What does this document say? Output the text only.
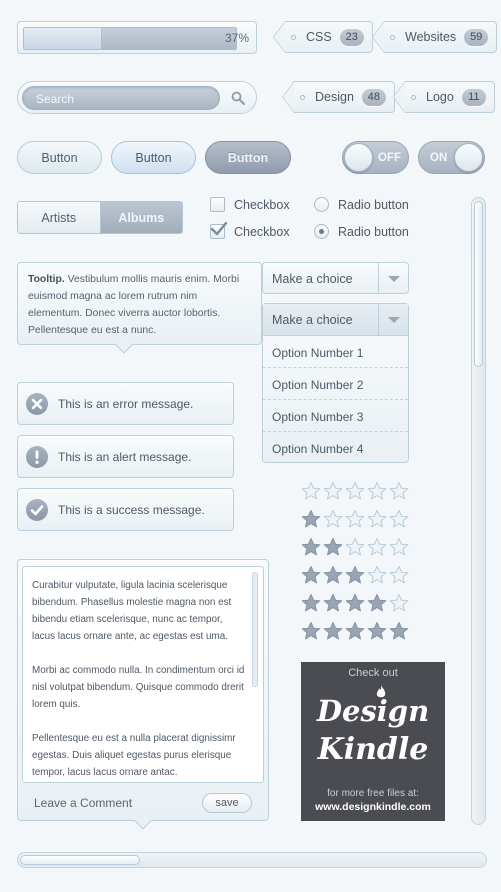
37%	CSS	23	Websites	59
Design	48	Logo	11
Search
Button	Button	Button	OFF	ON
Artists	Albums
Checkbox
Checkbox
Radio button
Radio button
Tooltip. Vestibulum mollis mauris enim. Morbi euismod magna ac lorem rutrum nim elementum. Donec viverra auctor lobortis. Pellentesque eu est a nunc.
This is an error message.
This is an alert message.
This is a success message.
Make a choice
Make a choice
Option Number 1
Option Number 2
Option Number 3
Option Number 4

Curabitur vulputate, ligula lacinia scelerisque bibendum. Phasellus molestie magna non est bibendu etiam scelerisque, nunc ac tempor, lacus lacus ornare ante, ac egestas est uma.

Morbi ac commodo nulla. In condimentum orci id nisl volutpat bibendum. Quisque commodo drerit lorem quis.

Pellentesque eu est a nulla placerat dignissimr egestas. Duis aliquet egestas purus elerisque tempor, lacus lacus ornare antac.

Leave a Comment	save
Check out
Design
Kindle
for more free files at:
www.designkindle.com
